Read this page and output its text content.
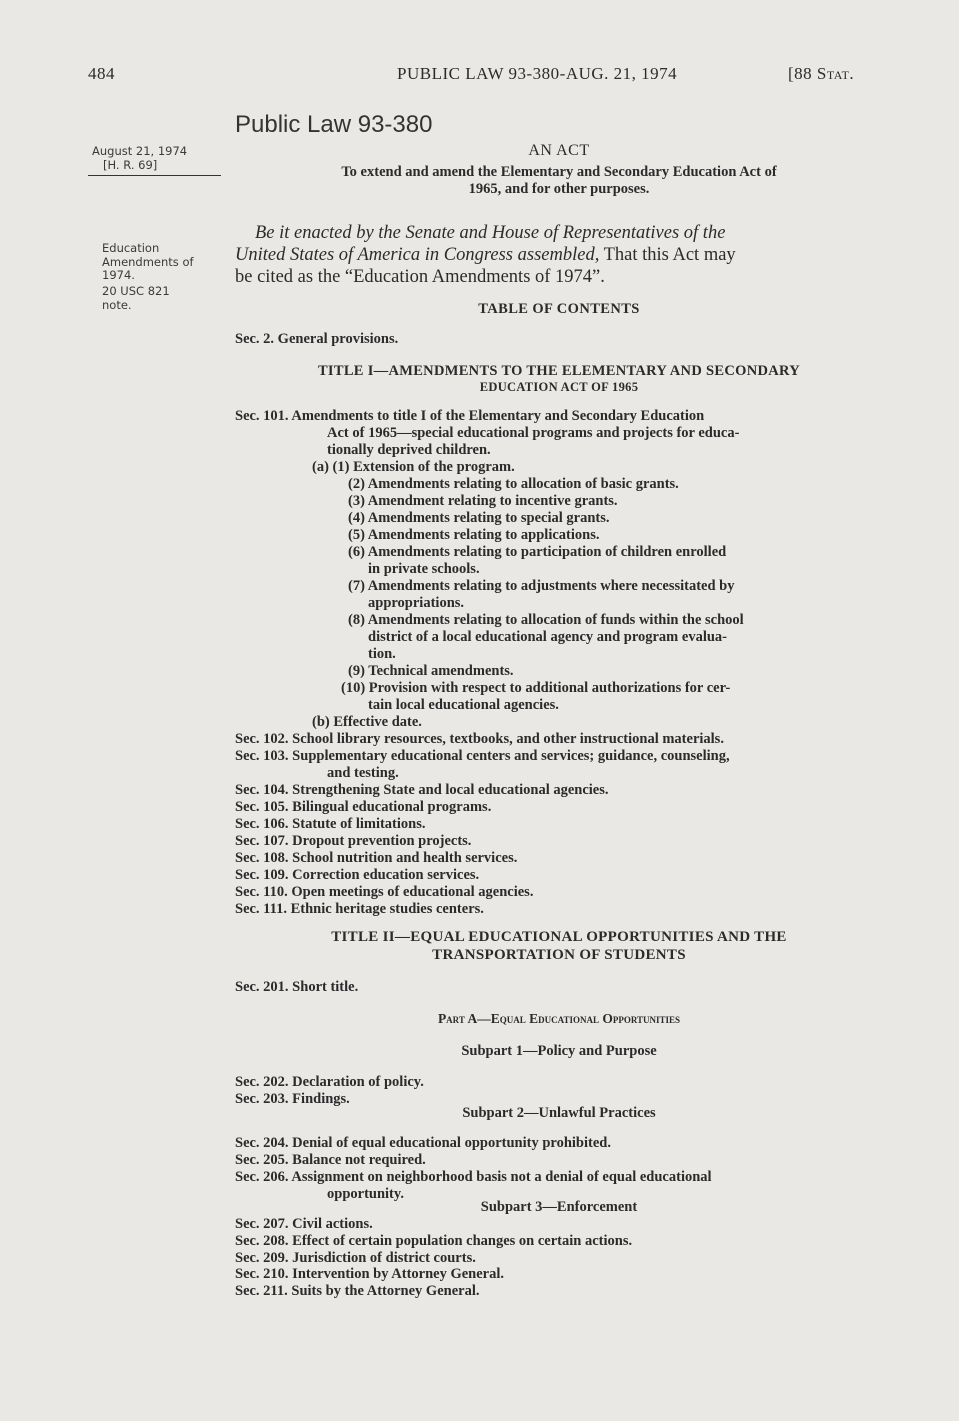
484	PUBLIC LAW 93-380-AUG. 21, 1974	[88 Stat.
Public Law 93-380
August 21, 1974
[H. R. 69]
Education
Amendments of
1974.
20 USC 821
note.
AN ACT
To extend and amend the Elementary and Secondary Education Act of
1965, and for other purposes.
Be it enacted by the Senate and House of Representatives of the
United States of America in Congress assembled, That this Act may
be cited as the “Education Amendments of 1974”.
TABLE OF CONTENTS
Sec. 2. General provisions.
TITLE I—AMENDMENTS TO THE ELEMENTARY AND SECONDARY
EDUCATION ACT OF 1965
Sec. 101. Amendments to title I of the Elementary and Secondary Education
Act of 1965—special educational programs and projects for educa-
tionally deprived children.
(a) (1) Extension of the program.
(2) Amendments relating to allocation of basic grants.
(3) Amendment relating to incentive grants.
(4) Amendments relating to special grants.
(5) Amendments relating to applications.
(6) Amendments relating to participation of children enrolled
in private schools.
(7) Amendments relating to adjustments where necessitated by
appropriations.
(8) Amendments relating to allocation of funds within the school
district of a local educational agency and program evalua-
tion.
(9) Technical amendments.
(10) Provision with respect to additional authorizations for cer-
tain local educational agencies.
(b) Effective date.
Sec. 102. School library resources, textbooks, and other instructional materials.
Sec. 103. Supplementary educational centers and services; guidance, counseling,
and testing.
Sec. 104. Strengthening State and local educational agencies.
Sec. 105. Bilingual educational programs.
Sec. 106. Statute of limitations.
Sec. 107. Dropout prevention projects.
Sec. 108. School nutrition and health services.
Sec. 109. Correction education services.
Sec. 110. Open meetings of educational agencies.
Sec. 111. Ethnic heritage studies centers.
TITLE II—EQUAL EDUCATIONAL OPPORTUNITIES AND THE
TRANSPORTATION OF STUDENTS
Sec. 201. Short title.
Part A—Equal Educational Opportunities
Subpart 1—Policy and Purpose
Sec. 202. Declaration of policy.
Sec. 203. Findings.
Subpart 2—Unlawful Practices
Sec. 204. Denial of equal educational opportunity prohibited.
Sec. 205. Balance not required.
Sec. 206. Assignment on neighborhood basis not a denial of equal educational
opportunity.
Subpart 3—Enforcement
Sec. 207. Civil actions.
Sec. 208. Effect of certain population changes on certain actions.
Sec. 209. Jurisdiction of district courts.
Sec. 210. Intervention by Attorney General.
Sec. 211. Suits by the Attorney General.
